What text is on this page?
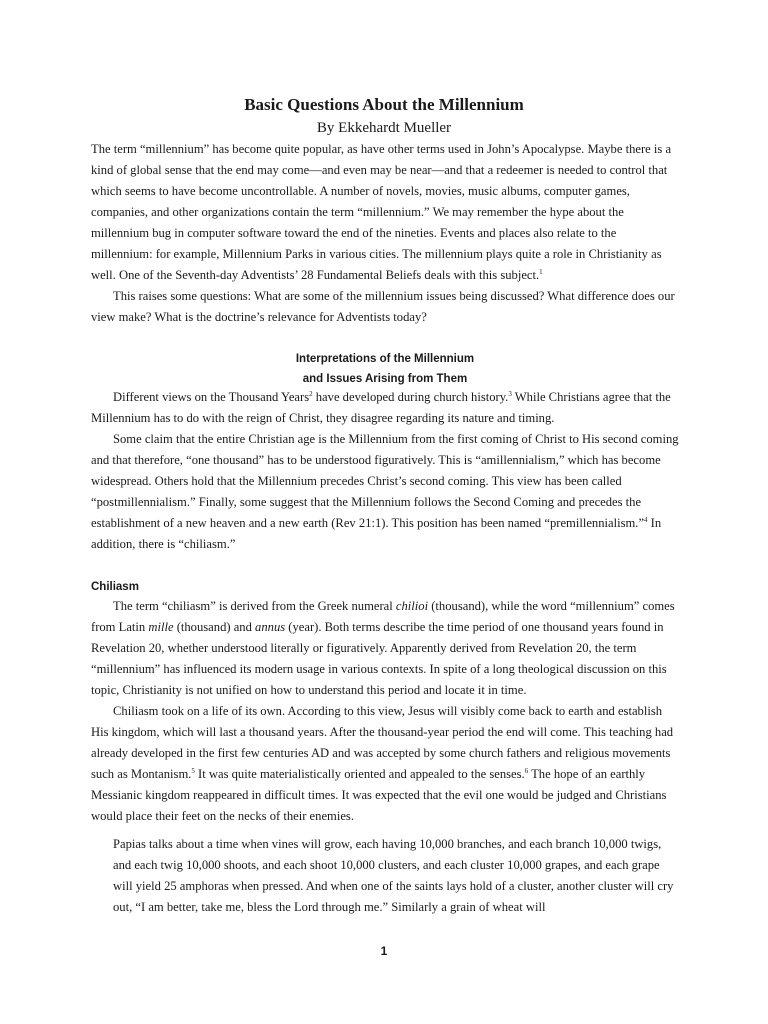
Basic Questions About the Millennium
By Ekkehardt Mueller

The term “millennium” has become quite popular, as have other terms used in John’s Apocalypse. Maybe there is a kind of global sense that the end may come—and even may be near—and that a redeemer is needed to control that which seems to have become uncontrollable. A number of novels, movies, music albums, computer games, companies, and other organizations contain the term “millennium.” We may remember the hype about the millennium bug in computer software toward the end of the nineties. Events and places also relate to the millennium: for example, Millennium Parks in various cities. The millennium plays quite a role in Christianity as well. One of the Seventh-day Adventists’ 28 Fundamental Beliefs deals with this subject.$^1$

This raises some questions: What are some of the millennium issues being discussed? What difference does our view make? What is the doctrine’s relevance for Adventists today?

Interpretations of the Millennium
and Issues Arising from Them

Different views on the Thousand Years$^2$ have developed during church history.$^3$ While Christians agree that the Millennium has to do with the reign of Christ, they disagree regarding its nature and timing.

Some claim that the entire Christian age is the Millennium from the first coming of Christ to His second coming and that therefore, “one thousand” has to be understood figuratively. This is “amillennialism,” which has become widespread. Others hold that the Millennium precedes Christ’s second coming. This view has been called “postmillennialism.” Finally, some suggest that the Millennium follows the Second Coming and precedes the establishment of a new heaven and a new earth (Rev 21:1). This position has been named “premillennialism.”$^4$ In addition, there is “chiliasm.”

Chiliasm

The term “chiliasm” is derived from the Greek numeral chilioi (thousand), while the word “millennium” comes from Latin mille (thousand) and annus (year). Both terms describe the time period of one thousand years found in Revelation 20, whether understood literally or figuratively. Apparently derived from Revelation 20, the term “millennium” has influenced its modern usage in various contexts. In spite of a long theological discussion on this topic, Christianity is not unified on how to understand this period and locate it in time.

Chiliasm took on a life of its own. According to this view, Jesus will visibly come back to earth and establish His kingdom, which will last a thousand years. After the thousand-year period the end will come. This teaching had already developed in the first few centuries AD and was accepted by some church fathers and religious movements such as Montanism.$^5$ It was quite materialistically oriented and appealed to the senses.$^6$ The hope of an earthly Messianic kingdom reappeared in difficult times. It was expected that the evil one would be judged and Christians would place their feet on the necks of their enemies.

Papias talks about a time when vines will grow, each having 10,000 branches, and each branch 10,000 twigs, and each twig 10,000 shoots, and each shoot 10,000 clusters, and each cluster 10,000 grapes, and each grape will yield 25 amphoras when pressed. And when one of the saints lays hold of a cluster, another cluster will cry out, “I am better, take me, bless the Lord through me.” Similarly a grain of wheat will

1
